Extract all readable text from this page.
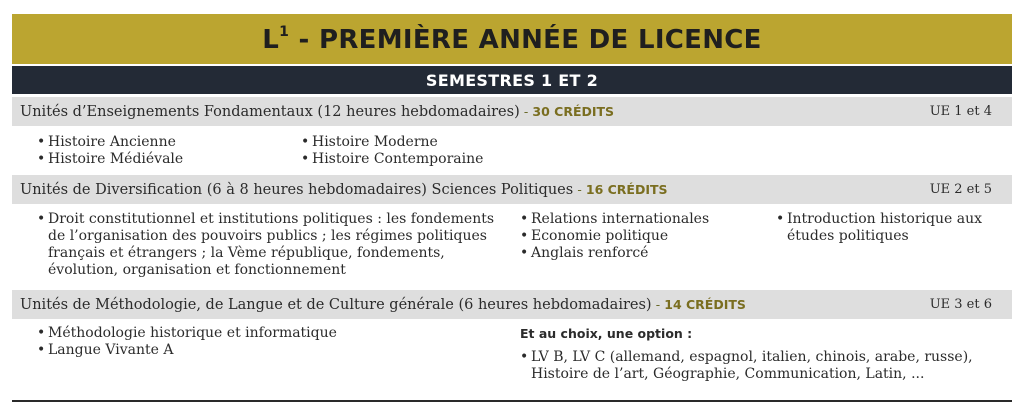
$L^1$ - PREMIÈRE ANNÉE DE LICENCE
SEMESTRES 1 ET 2
Unités d’Enseignements Fondamentaux (12 heures hebdomadaires) - 30 CRÉDITS	UE 1 et 4
• Histoire Ancienne
• Histoire Médiévale
• Histoire Moderne
• Histoire Contemporaine
Unités de Diversification (6 à 8 heures hebdomadaires) Sciences Politiques - 16 CRÉDITS	UE 2 et 5
• Droit constitutionnel et institutions politiques : les fondements de l’organisation des pouvoirs publics ; les régimes politiques français et étrangers ; la Vème république, fondements, évolution, organisation et fonctionnement
• Relations internationales
• Economie politique
• Anglais renforcé
• Introduction historique aux études politiques
Unités de Méthodologie, de Langue et de Culture générale (6 heures hebdomadaires) - 14 CRÉDITS	UE 3 et 6
• Méthodologie historique et informatique
• Langue Vivante A
Et au choix, une option :
• LV B, LV C (allemand, espagnol, italien, chinois, arabe, russe), Histoire de l’art, Géographie, Communication, Latin, ...
